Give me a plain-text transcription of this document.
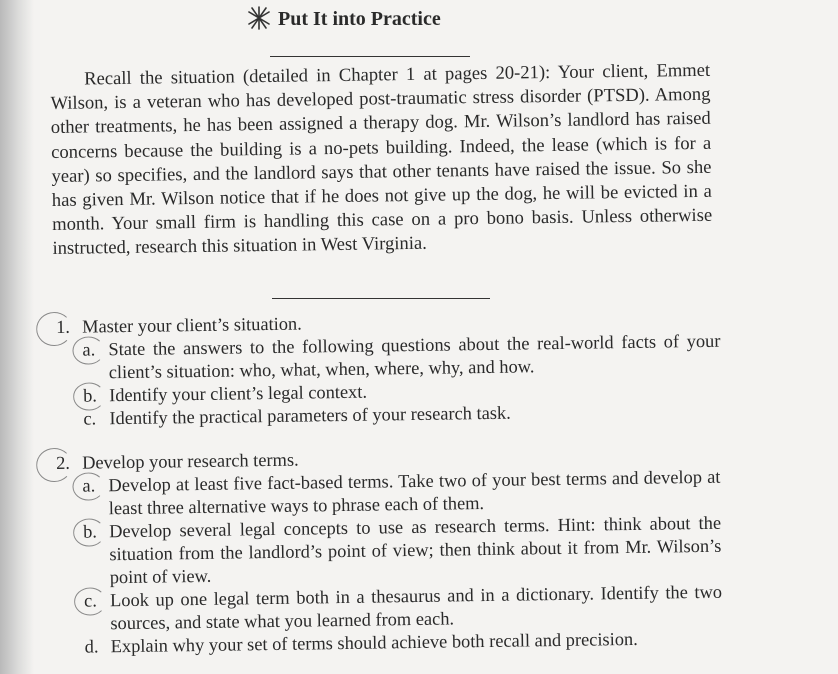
Put It into Practice
Recall the situation (detailed in Chapter 1 at pages 20-21): Your client, Emmet Wilson, is a veteran who has developed post-traumatic stress disorder (PTSD). Among other treatments, he has been assigned a therapy dog. Mr. Wilson’s landlord has raised concerns because the building is a no-pets building. Indeed, the lease (which is for a year) so specifies, and the landlord says that other tenants have raised the issue. So she has given Mr. Wilson notice that if he does not give up the dog, he will be evicted in a month. Your small firm is handling this case on a pro bono basis. Unless otherwise instructed, research this situation in West Virginia.
1. Master your client’s situation.
a. State the answers to the following questions about the real-world facts of your client’s situation: who, what, when, where, why, and how.
b. Identify your client’s legal context.
c. Identify the practical parameters of your research task.
2. Develop your research terms.
a. Develop at least five fact-based terms. Take two of your best terms and develop at least three alternative ways to phrase each of them.
b. Develop several legal concepts to use as research terms. Hint: think about the situation from the landlord’s point of view; then think about it from Mr. Wilson’s point of view.
c. Look up one legal term both in a thesaurus and in a dictionary. Identify the two sources, and state what you learned from each.
d. Explain why your set of terms should achieve both recall and precision.
